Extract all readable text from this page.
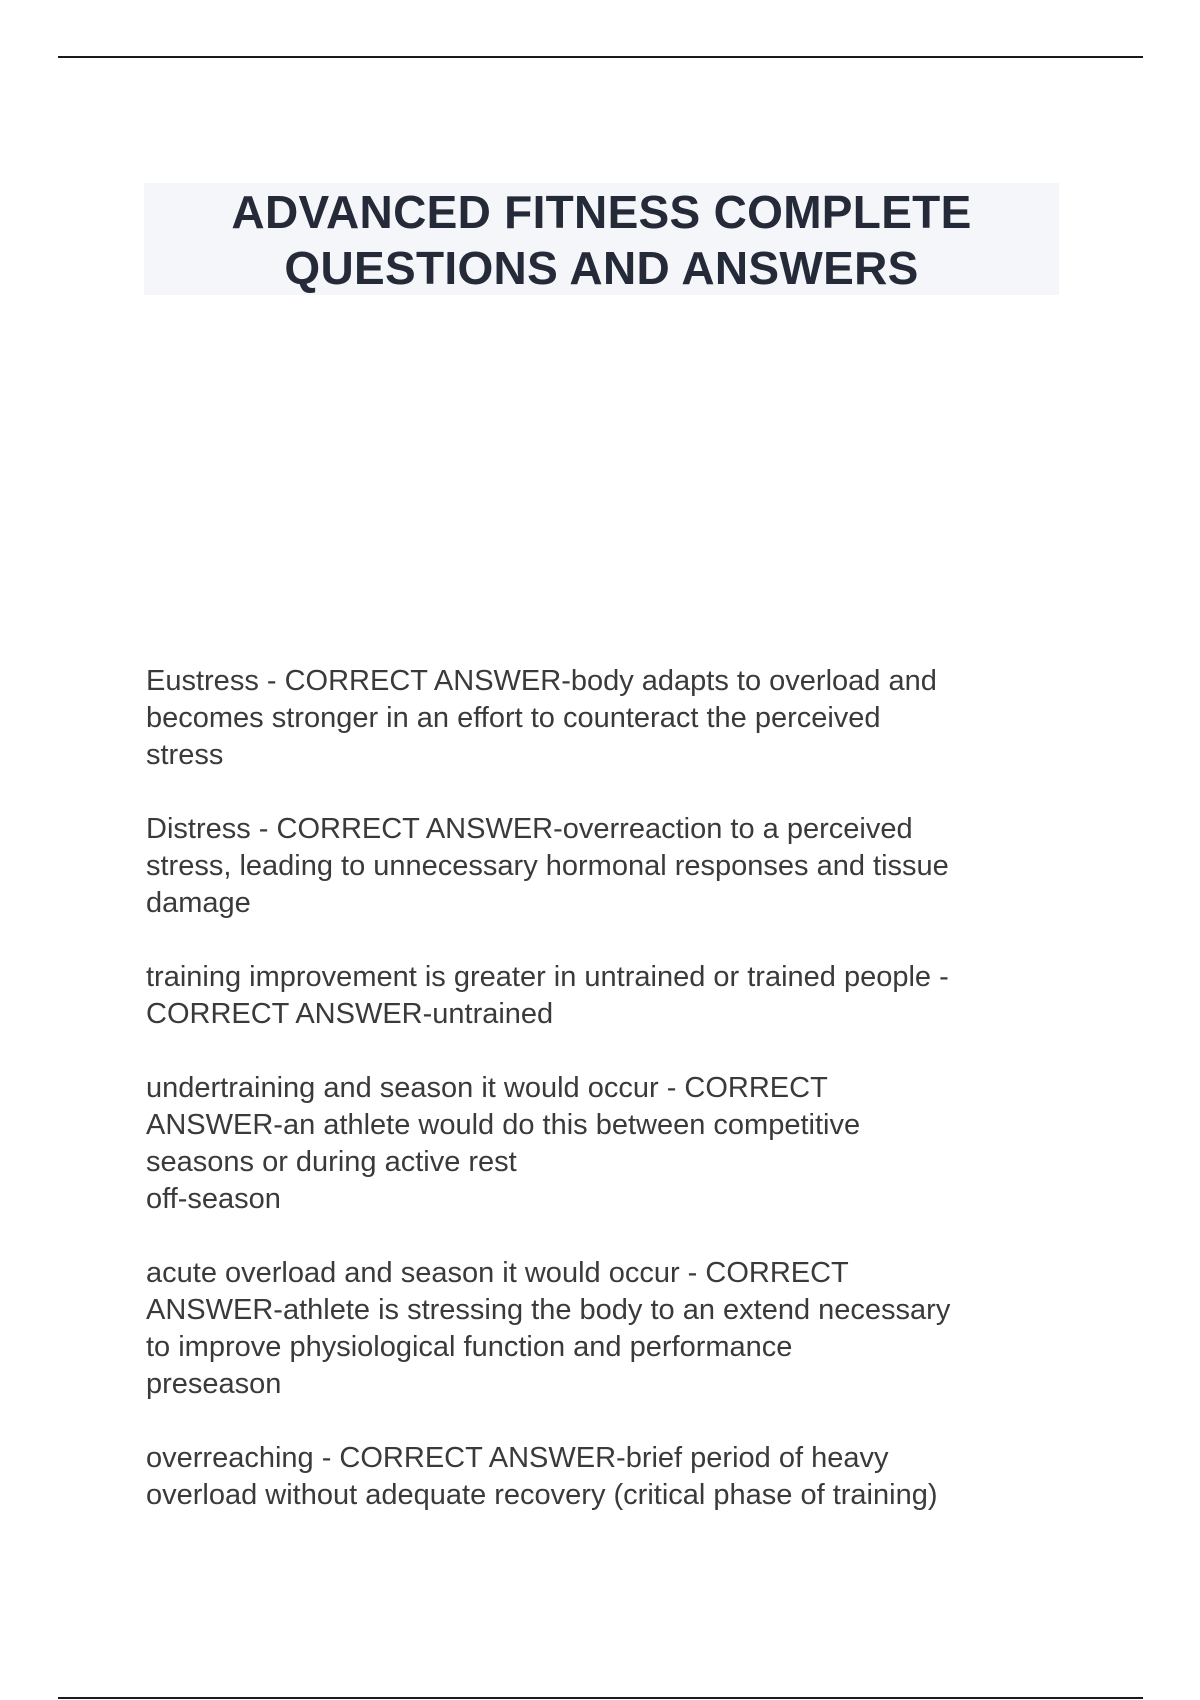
ADVANCED FITNESS COMPLETE
QUESTIONS AND ANSWERS
Eustress - CORRECT ANSWER-body adapts to overload and
becomes stronger in an effort to counteract the perceived
stress
Distress - CORRECT ANSWER-overreaction to a perceived
stress, leading to unnecessary hormonal responses and tissue
damage
training improvement is greater in untrained or trained people -
CORRECT ANSWER-untrained
undertraining and season it would occur - CORRECT
ANSWER-an athlete would do this between competitive
seasons or during active rest
off-season
acute overload and season it would occur - CORRECT
ANSWER-athlete is stressing the body to an extend necessary
to improve physiological function and performance
preseason
overreaching - CORRECT ANSWER-brief period of heavy
overload without adequate recovery (critical phase of training)
